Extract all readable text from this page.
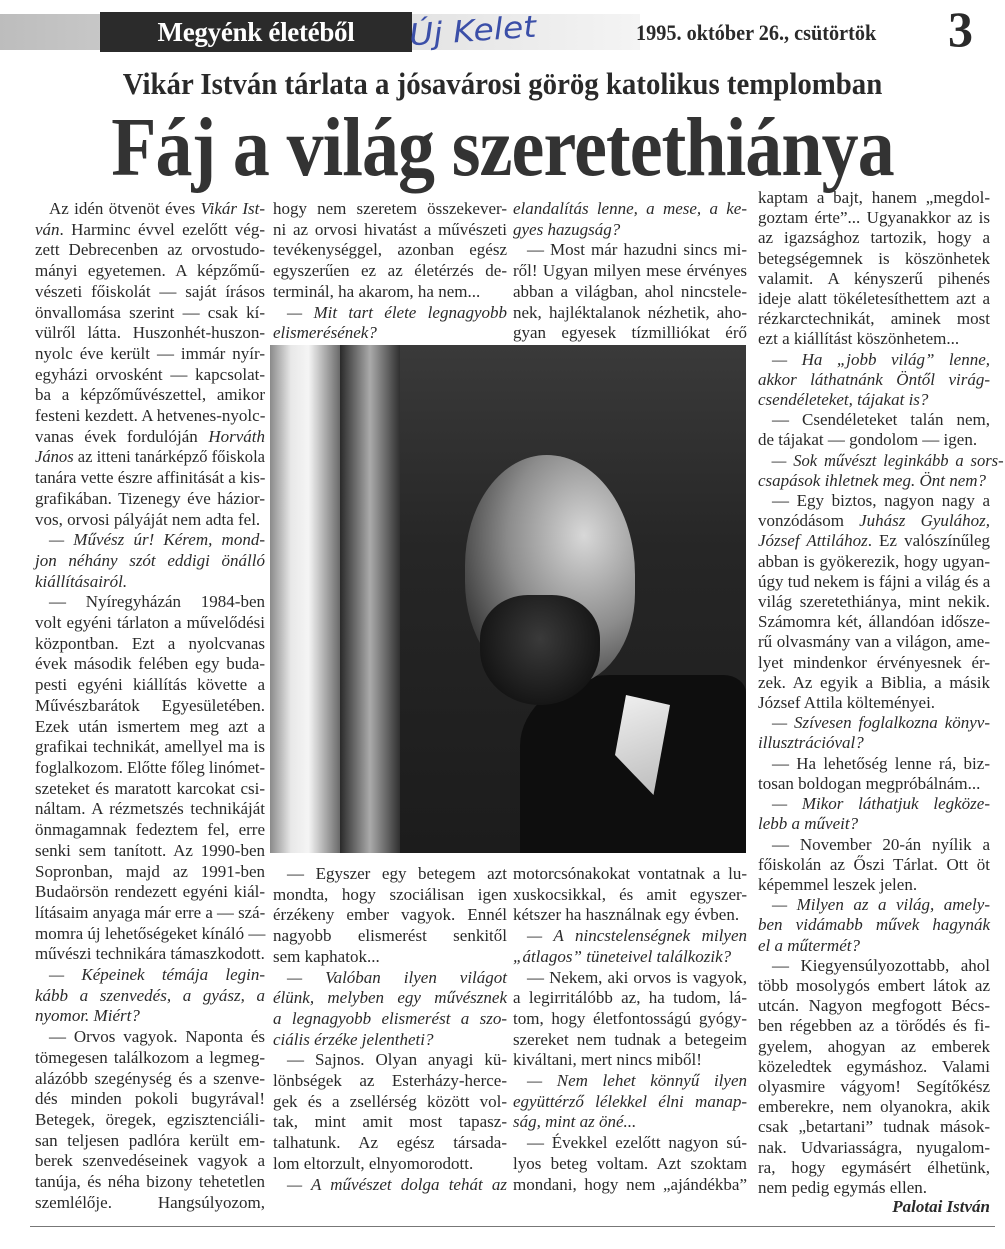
Megyénk életéből	Új Kelet	1995. október 26., csütörtök 3
Vikár István tárlata a jósavárosi görög katolikus templomban
Fáj a világ szeretethiánya
Az idén ötvenöt éves Vikár Ist-
ván. Harminc évvel ezelőtt vég-
zett Debrecenben az orvostudo-
mányi egyetemen. A képzőmű-
vészeti főiskolát — saját írásos
önvallomása szerint — csak kí-
vülről látta. Huszonhét-huszon-
nyolc éve került — immár nyír-
egyházi orvosként — kapcsolat-
ba a képzőművészettel, amikor
festeni kezdett. A hetvenes-nyolc-
vanas évek fordulóján Horváth
János az itteni tanárképző főiskola
tanára vette észre affinitását a kis-
grafikában. Tizenegy éve házior-
vos, orvosi pályáját nem adta fel.
— Művész úr! Kérem, mond-
jon néhány szót eddigi önálló
kiállításairól.
— Nyíregyházán 1984-ben
volt egyéni tárlaton a művelődési
központban. Ezt a nyolcvanas
évek második felében egy buda-
pesti egyéni kiállítás követte a
Művészbarátok Egyesületében.
Ezek után ismertem meg azt a
grafikai technikát, amellyel ma is
foglalkozom. Előtte főleg linómet-
szeteket és maratott karcokat csi-
náltam. A rézmetszés technikáját
önmagamnak fedeztem fel, erre
senki sem tanított. Az 1990-ben
Sopronban, majd az 1991-ben
Budaörsön rendezett egyéni kiál-
lításaim anyaga már erre a — szá-
momra új lehetőségeket kínáló —
művészi technikára támaszkodott.
— Képeinek témája legin-
kább a szenvedés, a gyász, a
nyomor. Miért?
— Orvos vagyok. Naponta és
tömegesen találkozom a legmeg-
alázóbb szegénység és a szenve-
dés minden pokoli bugyrával!
Betegek, öregek, egzisztenciáli-
san teljesen padlóra került em-
berek szenvedéseinek vagyok a
tanúja, és néha bizony tehetetlen
szemlélője. Hangsúlyozom,
hogy nem szeretem összekever-
ni az orvosi hivatást a művészeti
tevékenységgel, azonban egész
egyszerűen ez az életérzés de-
terminál, ha akarom, ha nem...
— Mit tart élete legnagyobb
elismerésének?
— Egyszer egy betegem azt
mondta, hogy szociálisan igen
érzékeny ember vagyok. Ennél
nagyobb elismerést senkitől
sem kaphatok...
— Valóban ilyen világot
élünk, melyben egy művésznek
a legnagyobb elismerést a szo-
ciális érzéke jelentheti?
— Sajnos. Olyan anyagi kü-
lönbségek az Esterházy-herce-
gek és a zsellérség között vol-
tak, mint amit most tapasz-
talhatunk. Az egész társada-
lom eltorzult, elnyomorodott.
— A művészet dolga tehát az
elandalítás lenne, a mese, a ke-
gyes hazugság?
— Most már hazudni sincs mi-
ről! Ugyan milyen mese érvényes
abban a világban, ahol nincstele-
nek, hajléktalanok nézhetik, aho-
gyan egyesek tízmilliókat érő
motorcsónakokat vontatnak a lu-
xuskocsikkal, és amit egyszer-
kétszer ha használnak egy évben.
— A nincstelenségnek milyen
„átlagos” tüneteivel találkozik?
— Nekem, aki orvos is vagyok,
a legirritálóbb az, ha tudom, lá-
tom, hogy életfontosságú gyógy-
szereket nem tudnak a betegeim
kiváltani, mert nincs miből!
— Nem lehet könnyű ilyen
együttérző lélekkel élni manap-
ság, mint az öné...
— Évekkel ezelőtt nagyon sú-
lyos beteg voltam. Azt szoktam
mondani, hogy nem „ajándékba”
kaptam a bajt, hanem „megdol-
goztam érte”... Ugyanakkor az is
az igazsághoz tartozik, hogy a
betegségemnek is köszönhetek
valamit. A kényszerű pihenés
ideje alatt tökéletesíthettem azt a
rézkarctechnikát, aminek most
ezt a kiállítást köszönhetem...
— Ha „jobb világ” lenne,
akkor láthatnánk Öntől virág-
csendéleteket, tájakat is?
— Csendéleteket talán nem,
de tájakat — gondolom — igen.
— Sok művészt leginkább a sors-
csapások ihletnek meg. Önt nem?
— Egy biztos, nagyon nagy a
vonzódásom Juhász Gyulához,
József Attilához. Ez valószínűleg
abban is gyökerezik, hogy ugyan-
úgy tud nekem is fájni a világ és a
világ szeretethiánya, mint nekik.
Számomra két, állandóan idősze-
rű olvasmány van a világon, ame-
lyet mindenkor érvényesnek ér-
zek. Az egyik a Biblia, a másik
József Attila költeményei.
— Szívesen foglalkozna könyv-
illusztrációval?
— Ha lehetőség lenne rá, biz-
tosan boldogan megpróbálnám...
— Mikor láthatjuk legköze-
lebb a műveit?
— November 20-án nyílik a
főiskolán az Őszi Tárlat. Ott öt
képemmel leszek jelen.
— Milyen az a világ, amely-
ben vidámabb művek hagynák
el a műtermét?
— Kiegyensúlyozottabb, ahol
több mosolygós embert látok az
utcán. Nagyon megfogott Bécs-
ben régebben az a törődés és fi-
gyelem, ahogyan az emberek
közeledtek egymáshoz. Valami
olyasmire vágyom! Segítőkész
emberekre, nem olyanokra, akik
csak „betartani” tudnak mások-
nak. Udvariasságra, nyugalom-
ra, hogy egymásért élhetünk,
nem pedig egymás ellen.
Palotai István
